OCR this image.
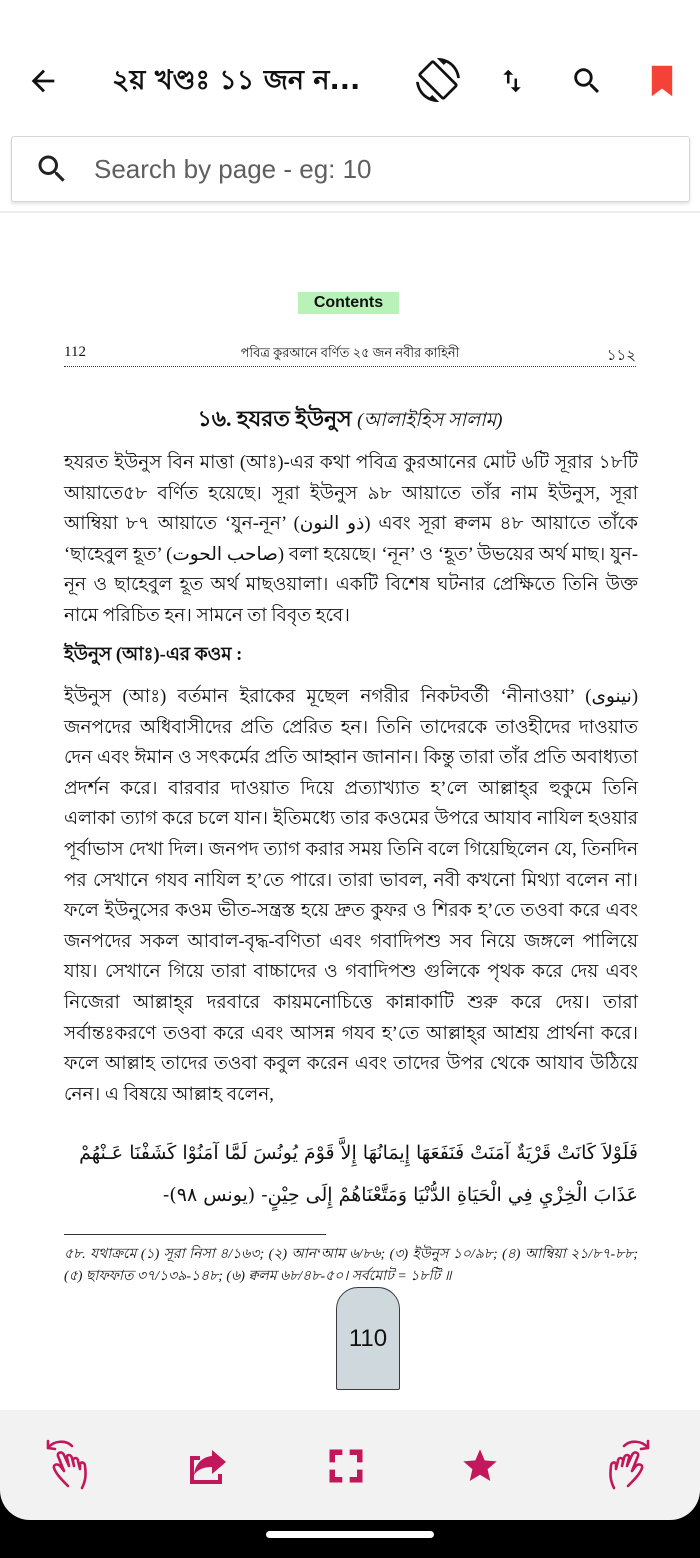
২য় খণ্ডঃ ১১ জন ন...
Search by page - eg: 10
Contents
112	পবিত্র কুরআনে বর্ণিত ২৫ জন নবীর কাহিনী	১১২
১৬. হযরত ইউনুস (আলাইহিস সালাম)
হযরত ইউনুস বিন মাত্তা (আঃ)-এর কথা পবিত্র কুরআনের মোট ৬টি সূরার ১৮টি আয়াতে৫৮ বর্ণিত হয়েছে। সূরা ইউনুস ৯৮ আয়াতে তাঁর নাম ইউনুস, সূরা আম্বিয়া ৮৭ আয়াতে ‘যুন-নূন’ (ذو النون) এবং সূরা ক্বলম ৪৮ আয়াতে তাঁকে ‘ছাহেবুল হূত’ (صاحب الحوت) বলা হয়েছে। ‘নূন’ ও ‘হূত’ উভয়ের অর্থ মাছ। যুন-নূন ও ছাহেবুল হূত অর্থ মাছওয়ালা। একটি বিশেষ ঘটনার প্রেক্ষিতে তিনি উক্ত নামে পরিচিত হন। সামনে তা বিবৃত হবে।
ইউনুস (আঃ)-এর কওম :
ইউনুস (আঃ) বর্তমান ইরাকের মূছেল নগরীর নিকটবর্তী ‘নীনাওয়া’ (نينوى) জনপদের অধিবাসীদের প্রতি প্রেরিত হন। তিনি তাদেরকে তাওহীদের দাওয়াত দেন এবং ঈমান ও সৎকর্মের প্রতি আহ্বান জানান। কিন্তু তারা তাঁর প্রতি অবাধ্যতা প্রদর্শন করে। বারবার দাওয়াত দিয়ে প্রত্যাখ্যাত হ’লে আল্লাহ্‌র হুকুমে তিনি এলাকা ত্যাগ করে চলে যান। ইতিমধ্যে তার কওমের উপরে আযাব নাযিল হওয়ার পূর্বাভাস দেখা দিল। জনপদ ত্যাগ করার সময় তিনি বলে গিয়েছিলেন যে, তিনদিন পর সেখানে গযব নাযিল হ’তে পারে। তারা ভাবল, নবী কখনো মিথ্যা বলেন না। ফলে ইউনুসের কওম ভীত-সন্ত্রস্ত হয়ে দ্রুত কুফর ও শিরক হ’তে তওবা করে এবং জনপদের সকল আবাল-বৃদ্ধ-বণিতা এবং গবাদিপশু সব নিয়ে জঙ্গলে পালিয়ে যায়। সেখানে গিয়ে তারা বাচ্চাদের ও গবাদিপশু গুলিকে পৃথক করে দেয় এবং নিজেরা আল্লাহ্‌র দরবারে কায়মনোচিত্তে কান্নাকাটি শুরু করে দেয়। তারা সর্বান্তঃকরণে তওবা করে এবং আসন্ন গযব হ’তে আল্লাহ্‌র আশ্রয় প্রার্থনা করে। ফলে আল্লাহ তাদের তওবা কবুল করেন এবং তাদের উপর থেকে আযাব উঠিয়ে নেন। এ বিষয়ে আল্লাহ বলেন,
فَلَوْلاَ كَانَتْ قَرْيَةٌ آمَنَتْ فَنَفَعَهَا إِيمَانُهَا إِلاَّ قَوْمَ يُونُسَ لَمَّا آمَنُوْا كَشَفْنَا عَـنْهُمْ
عَذَابَ الْخِزْيِ فِي الْحَيَاةِ الدُّنْيَا وَمَتَّعْنَاهُمْ إِلَى حِيْنٍ- (يونس ٩٨)-
৫৮. যথাক্রমে (১) সূরা নিসা ৪/১৬৩; (২) আন‘আম ৬/৮৬; (৩) ইউনুস ১০/৯৮; (৪) আম্বিয়া ২১/৮৭-৮৮; (৫) ছাফফাত ৩৭/১৩৯-১৪৮; (৬) ক্বলম ৬৮/৪৮-৫০। সর্বমোট = ১৮টি ॥
110
